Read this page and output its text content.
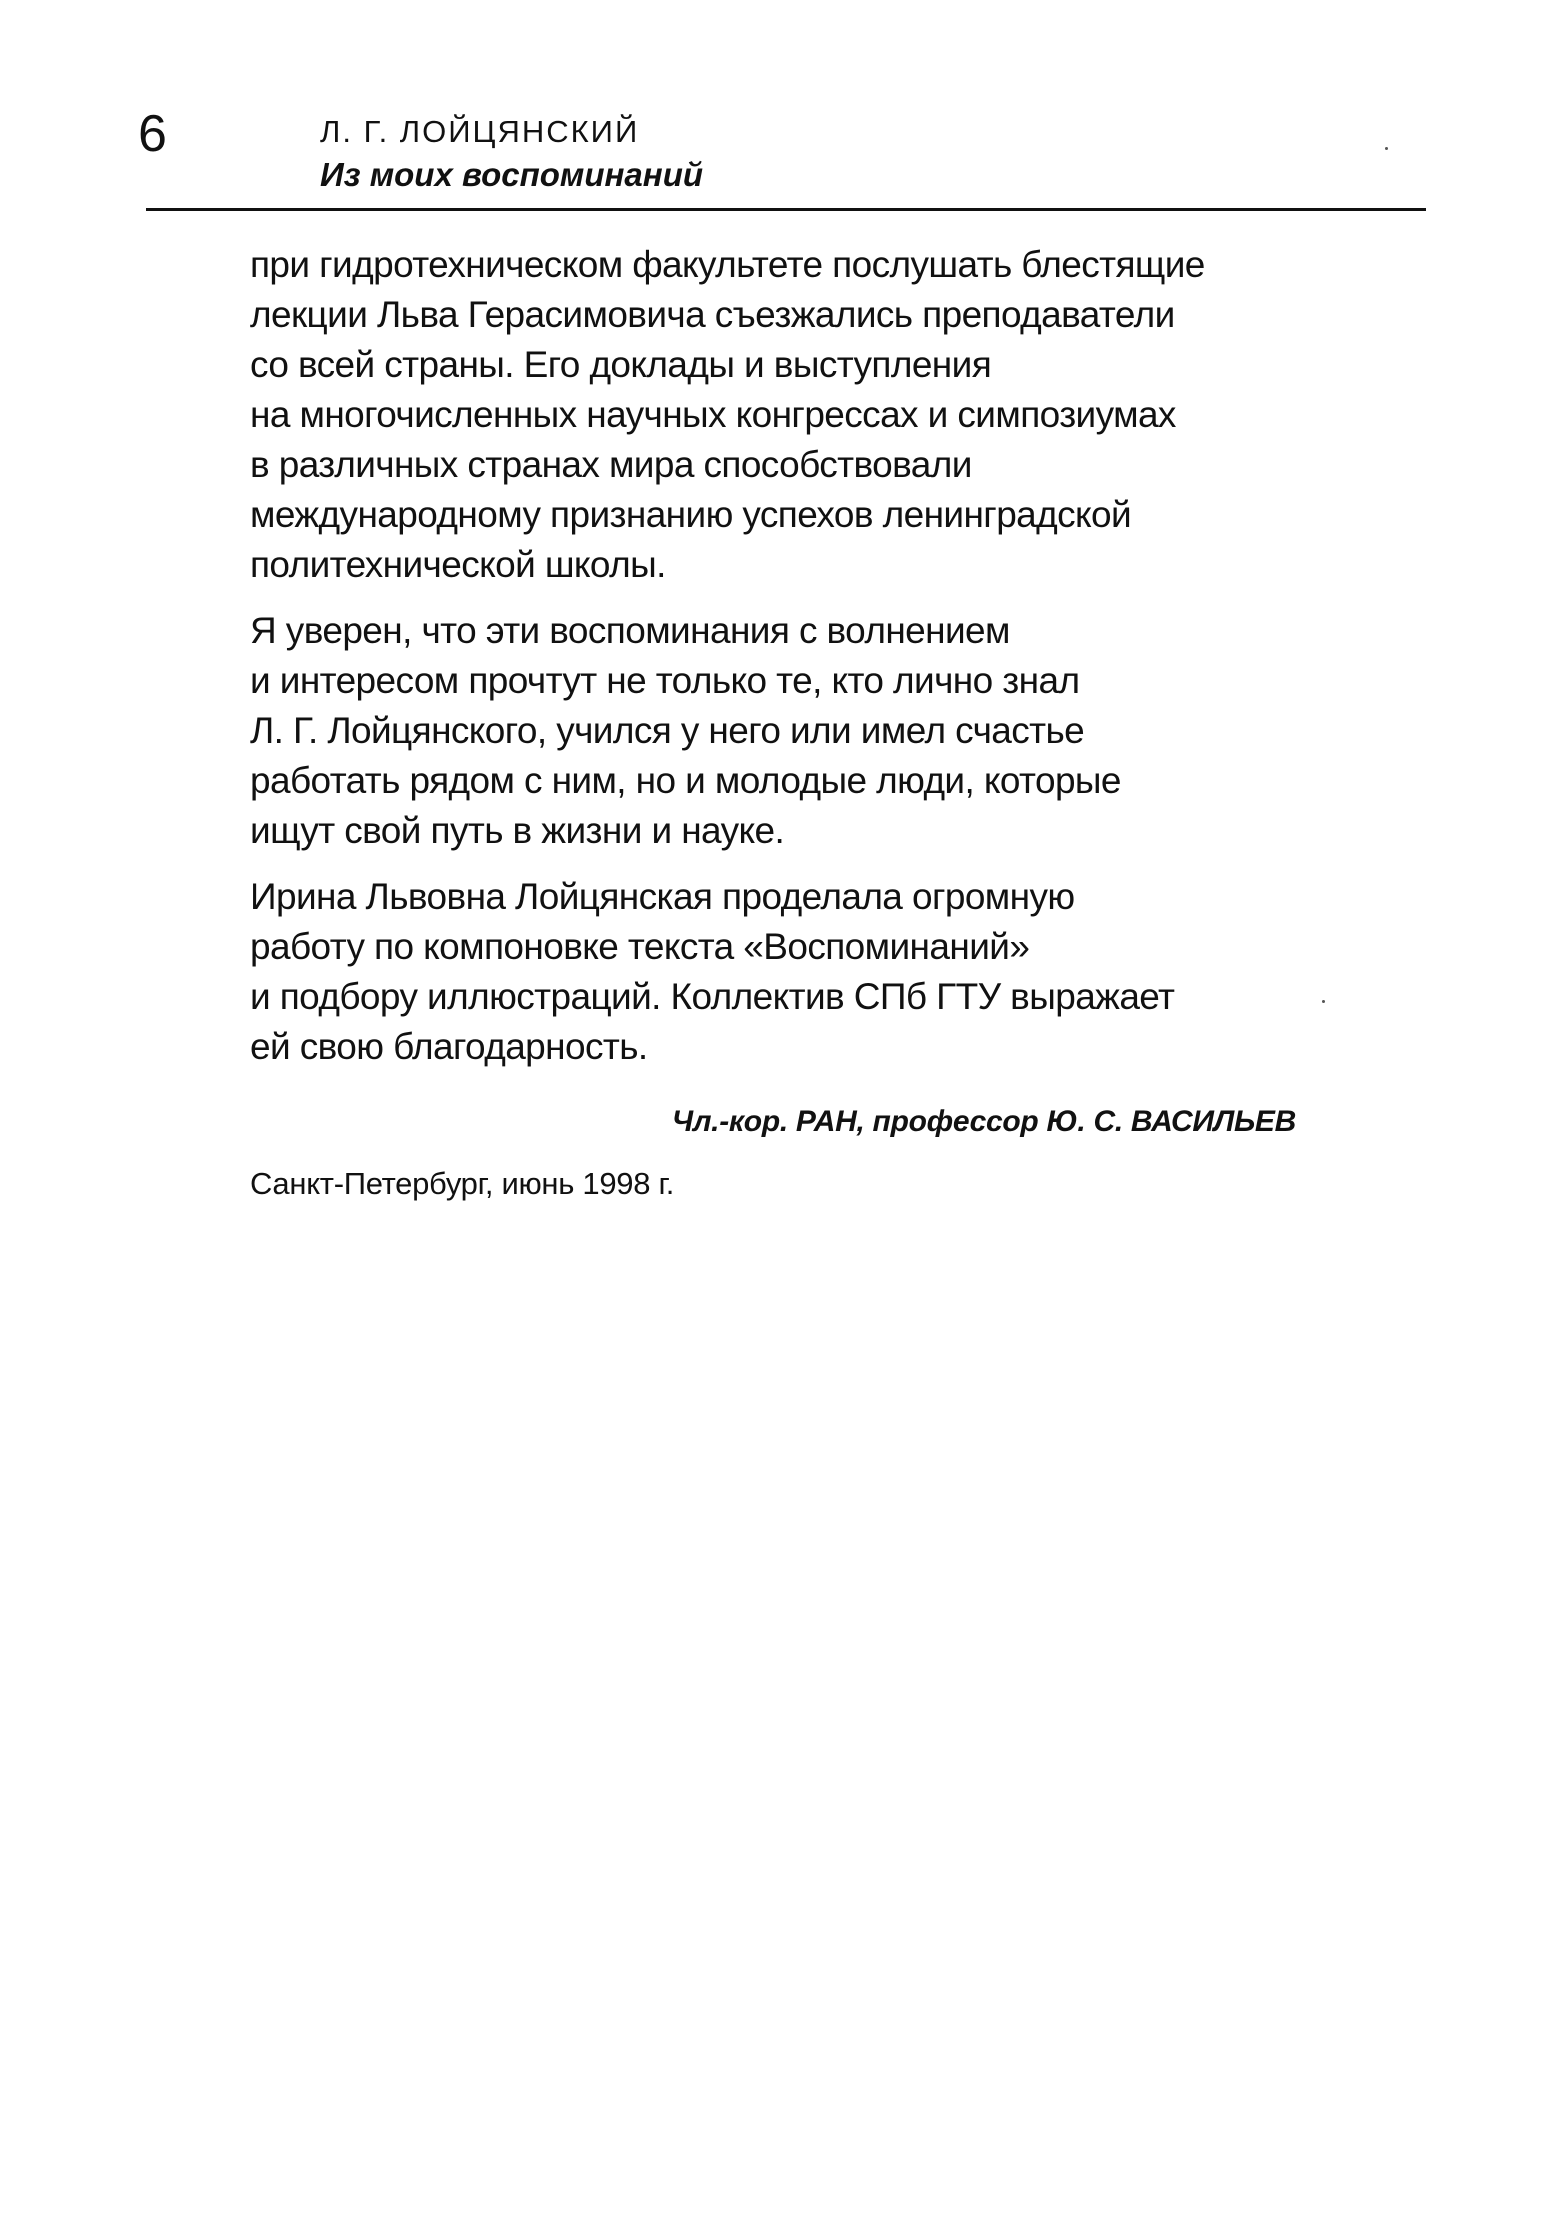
6	Л. Г. ЛОЙЦЯНСКИЙ
Из моих воспоминаний

при гидротехническом факультете послушать блестящие
лекции Льва Герасимовича съезжались преподаватели
со всей страны. Его доклады и выступления
на многочисленных научных конгрессах и симпозиумах
в различных странах мира способствовали
международному признанию успехов ленинградской
политехнической школы.

Я уверен, что эти воспоминания с волнением
и интересом прочтут не только те, кто лично знал
Л. Г. Лойцянского, учился у него или имел счастье
работать рядом с ним, но и молодые люди, которые
ищут свой путь в жизни и науке.

Ирина Львовна Лойцянская проделала огромную
работу по компоновке текста «Воспоминаний»
и подбору иллюстраций. Коллектив СПб ГТУ выражает
ей свою благодарность.

Чл.-кор. РАН, профессор Ю. С. ВАСИЛЬЕВ
Санкт-Петербург, июнь 1998 г.
